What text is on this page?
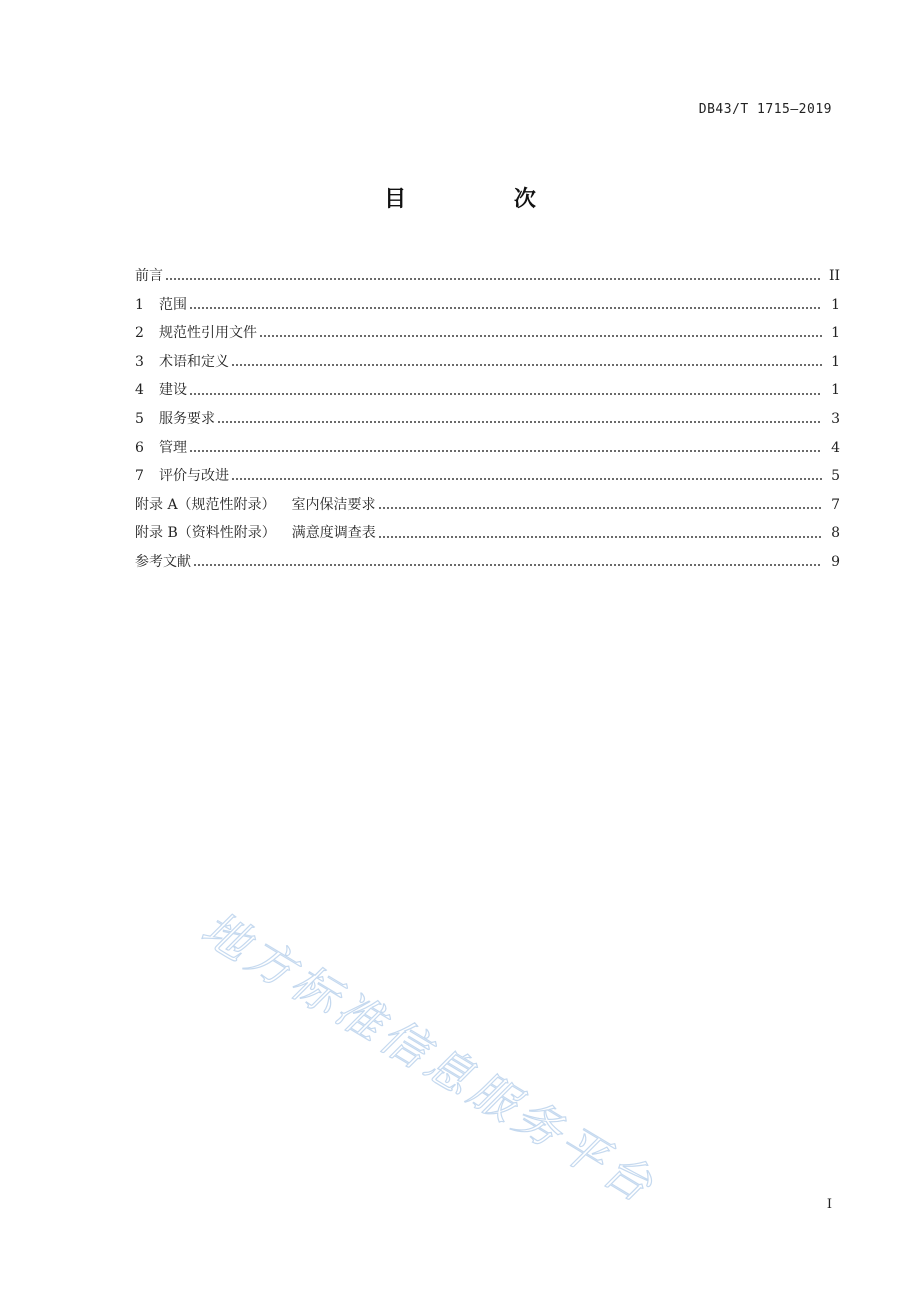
DB43/T 1715—2019
目 次
前言	II
1	范围	1
2	规范性引用文件	1
3	术语和定义	1
4	建设	1
5	服务要求	3
6	管理	4
7	评价与改进	5
附录 A（规范性附录） 室内保洁要求	7
附录 B（资料性附录） 满意度调查表	8
参考文献	9
地方标准信息服务平台	I
